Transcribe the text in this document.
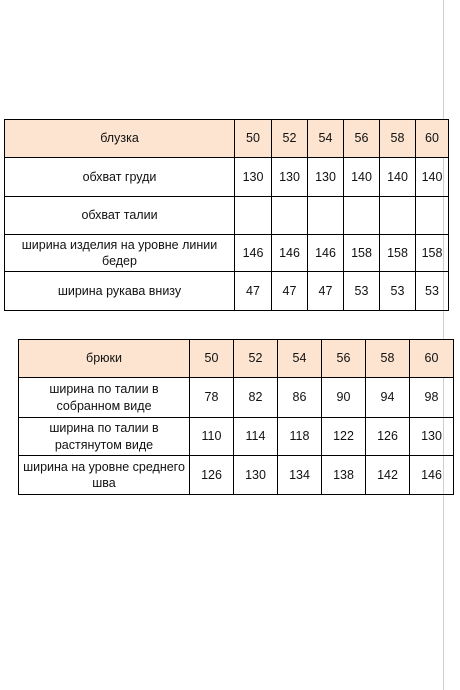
блузка	50	52	54	56	58	60
обхват груди	130	130	130	140	140	140
обхват талии						
ширина изделия на уровне линии бедер	146	146	146	158	158	158
ширина рукава внизу	47	47	47	53	53	53
брюки	50	52	54	56	58	60
ширина по талии в собранном виде	78	82	86	90	94	98
ширина по талии в растянутом виде	110	114	118	122	126	130
ширина на уровне среднего шва	126	130	134	138	142	146
